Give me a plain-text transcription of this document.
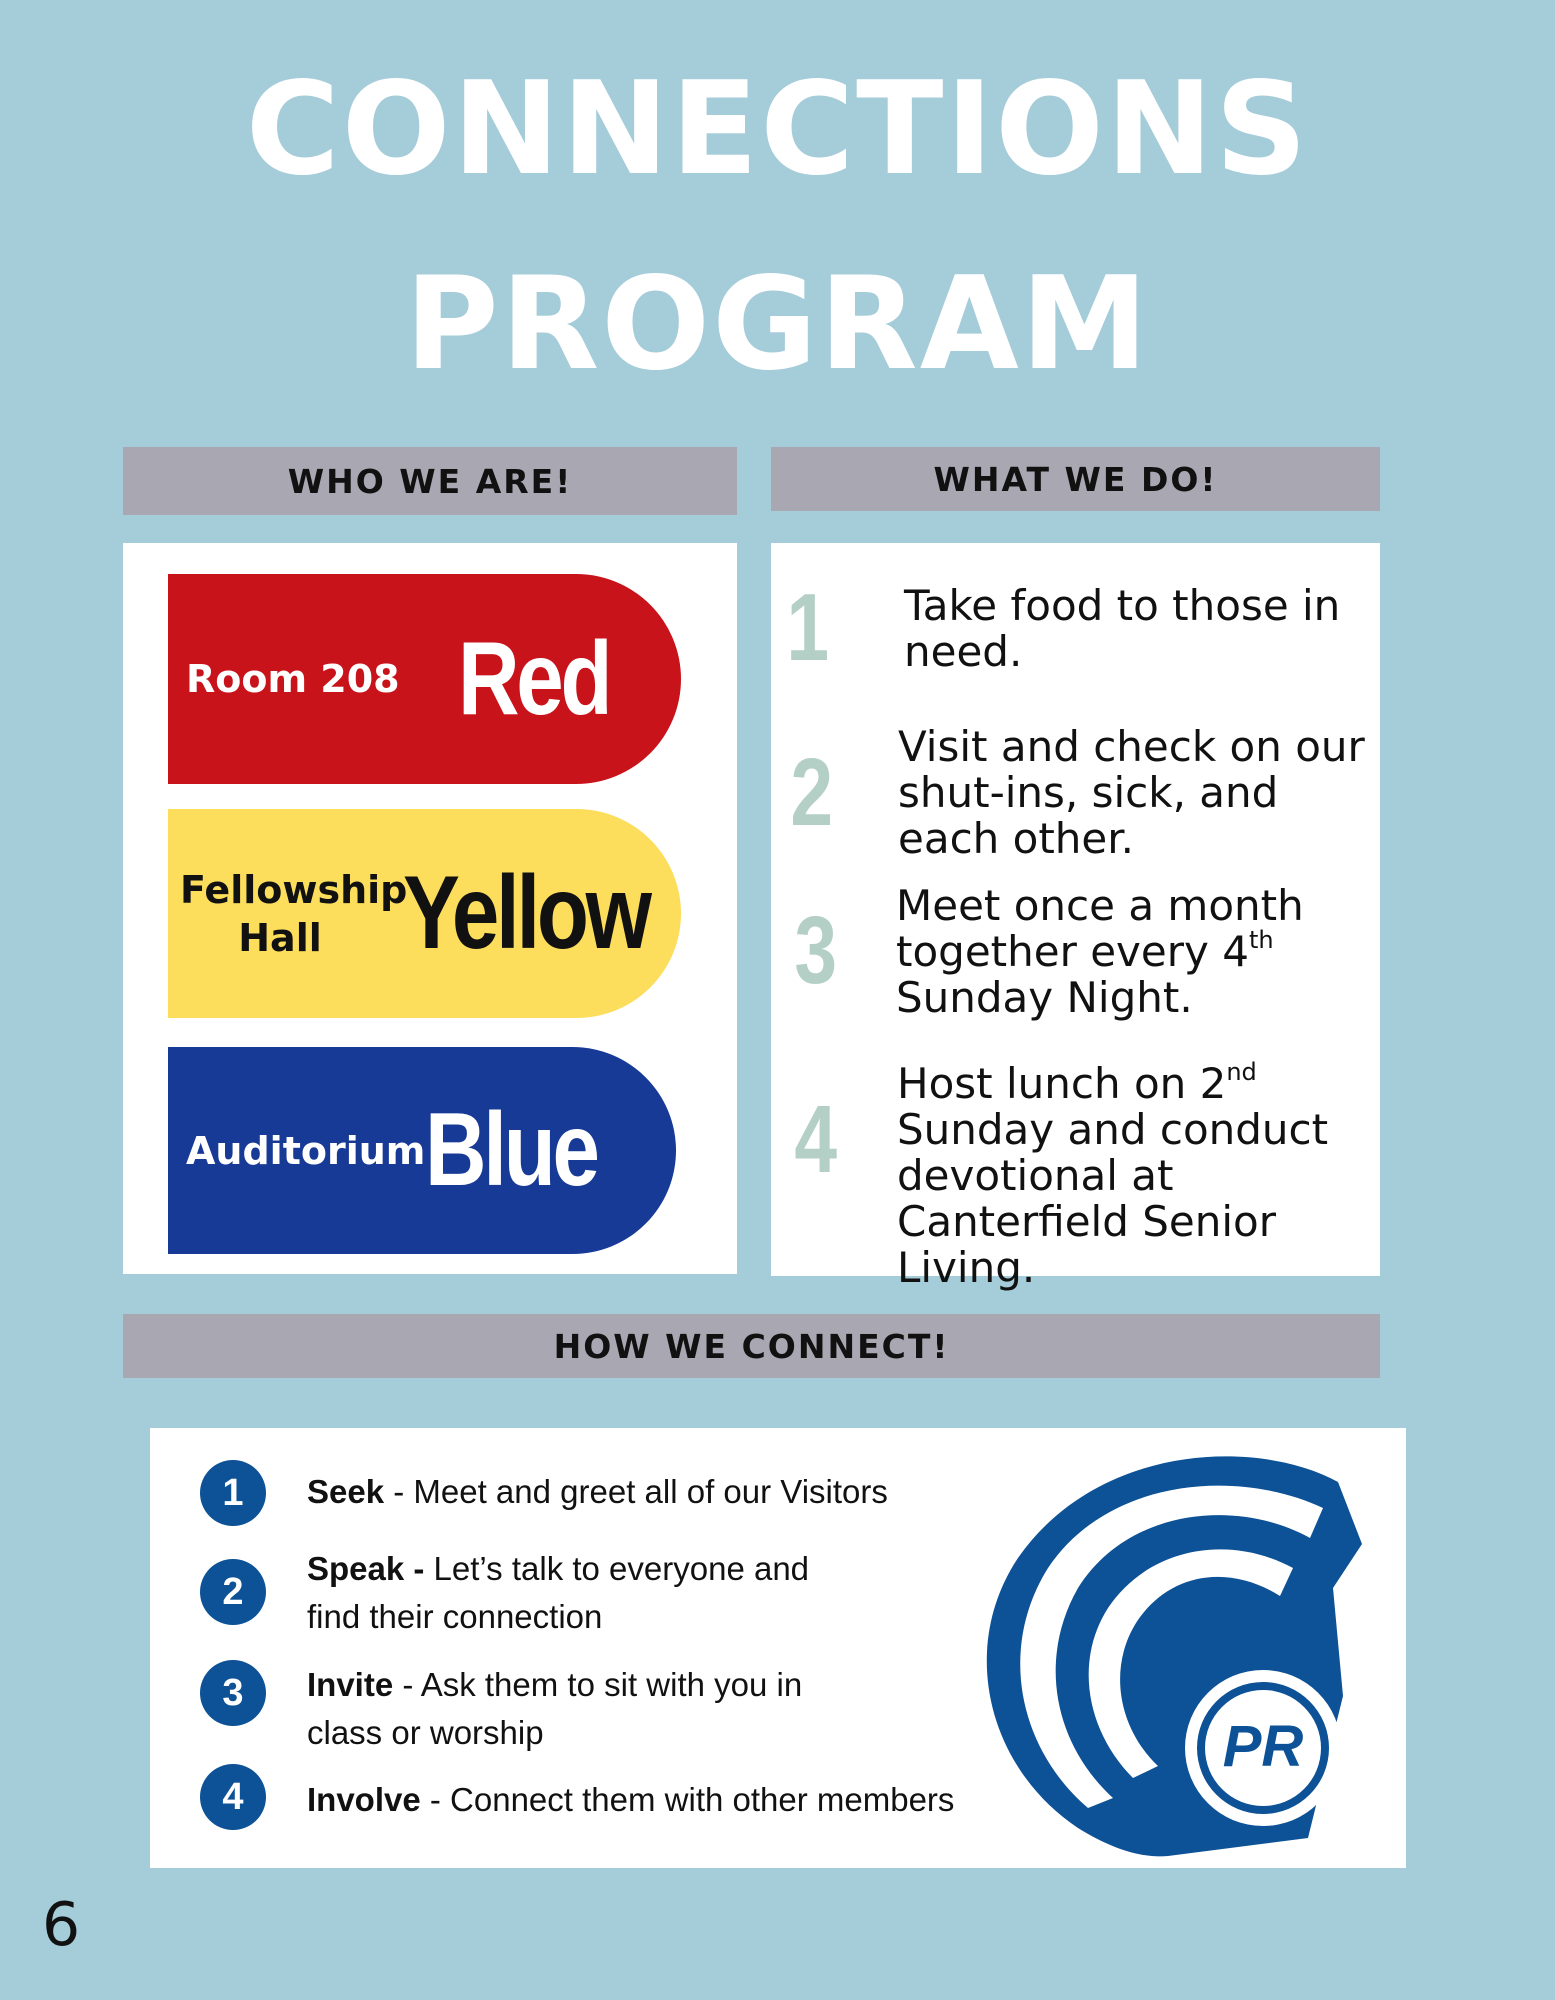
CONNECTIONS
PROGRAM
WHO WE ARE!	WHAT WE DO!
Room 208 Red
Fellowship Hall Yellow
Auditorium Blue
1 Take food to those in need.
2 Visit and check on our shut-ins, sick, and each other.
3 Meet once a month together every 4th Sunday Night.
4
Host lunch on 2nd Sunday and conduct devotional at Canterfield Senior Living.
HOW WE CONNECT!
1	Seek - Meet and greet all of our Visitors
2
Speak - Let’s talk to everyone and find their connection
3	Invite - Ask them to sit with you in class or worship
4	Involve - Connect them with other members
PR
6
